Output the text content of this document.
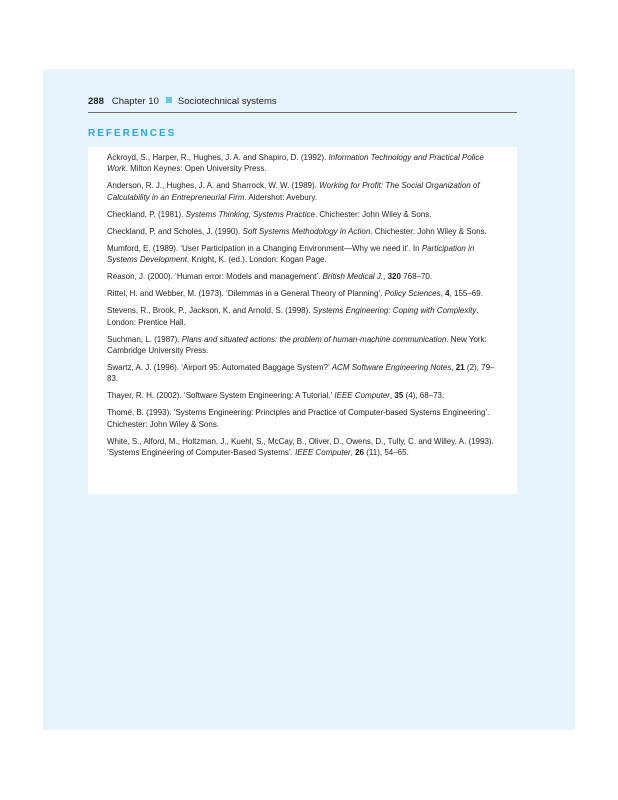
288 Chapter 10 Sociotechnical systems
REFERENCES
Ackroyd, S., Harper, R., Hughes, J. A. and Shapiro, D. (1992). Information Technology and Practical Police Work. Milton Keynes: Open University Press.
Anderson, R. J., Hughes, J. A. and Sharrock, W. W. (1989). Working for Profit: The Social Organization of Calculability in an Entrepreneurial Firm. Aldershot: Avebury.
Checkland, P. (1981). Systems Thinking, Systems Practice. Chichester: John Wiley & Sons.
Checkland, P. and Scholes, J. (1990). Soft Systems Methodology in Action. Chichester: John Wiley & Sons.
Mumford, E. (1989). ‘User Participation in a Changing Environment—Why we need it’. In Participation in Systems Development. Knight, K. (ed.). London: Kogan Page.
Reason, J. (2000). ‘Human error: Models and management’. British Medical J., 320 768–70.
Rittel, H. and Webber, M. (1973). ‘Dilemmas in a General Theory of Planning’. Policy Sciences, 4, 155–69.
Stevens, R., Brook, P., Jackson, K. and Arnold, S. (1998). Systems Engineering: Coping with Complexity. London: Prentice Hall.
Suchman, L. (1987). Plans and situated actions: the problem of human-machine communication. New York: Cambridge University Press.
Swartz, A. J. (1996). ‘Airport 95: Automated Baggage System?’ ACM Software Engineering Notes, 21 (2), 79–83.
Thayer, R. H. (2002). ‘Software System Engineering: A Tutorial.’ IEEE Computer, 35 (4), 68–73.
Thomé, B. (1993). ‘Systems Engineering: Principles and Practice of Computer-based Systems Engineering’. Chichester: John Wiley & Sons.
White, S., Alford, M., Holtzman, J., Kuehl, S., McCay, B., Oliver, D., Owens, D., Tully, C. and Willey, A. (1993). ‘Systems Engineering of Computer-Based Systems’. IEEE Computer, 26 (11), 54–65.
